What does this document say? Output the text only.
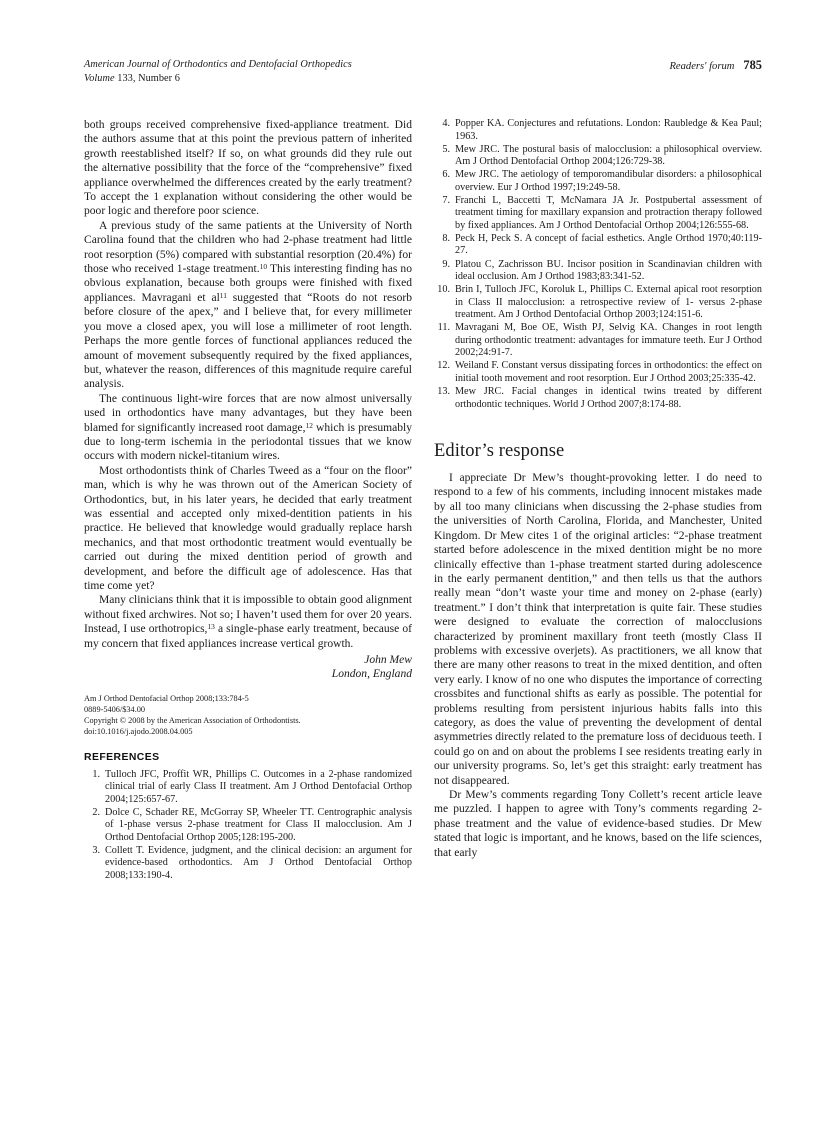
American Journal of Orthodontics and Dentofacial Orthopedics
Volume 133, Number 6
Readers' forum 785

both groups received comprehensive fixed-appliance treatment. Did the authors assume that at this point the previous pattern of inherited growth reestablished itself? If so, on what grounds did they rule out the alternative possibility that the force of the “comprehensive” fixed appliance overwhelmed the differences created by the early treatment? To accept the 1 explanation without considering the other would be poor logic and therefore poor science.

A previous study of the same patients at the University of North Carolina found that the children who had 2-phase treatment had little root resorption (5%) compared with substantial resorption (20.4%) for those who received 1-stage treatment.$^{10}$ This interesting finding has no obvious explanation, because both groups were finished with fixed appliances. Mavragani et $al^{11}$ suggested that “Roots do not resorb before closure of the apex,” and I believe that, for every millimeter you move a closed apex, you will lose a millimeter of root length. Perhaps the more gentle forces of functional appliances reduced the amount of movement subsequently required by the fixed appliances, but, whatever the reason, differences of this magnitude require careful analysis.

The continuous light-wire forces that are now almost universally used in orthodontics have many advantages, but they have been blamed for significantly increased root damage,$^{12}$ which is presumably due to long-term ischemia in the periodontal tissues that we know occurs with modern nickel-titanium wires.

Most orthodontists think of Charles Tweed as a “four on the floor” man, which is why he was thrown out of the American Society of Orthodontics, but, in his later years, he decided that early treatment was essential and accepted only mixed-dentition patients in his practice. He believed that knowledge would gradually replace harsh mechanics, and that most orthodontic treatment would eventually be carried out during the mixed dentition period of growth and development, and before the difficult age of adolescence. Has that time come yet?

Many clinicians think that it is impossible to obtain good alignment without fixed archwires. Not so; I haven’t used them for over 20 years. Instead, I use orthotropics,$^{13}$ a single-phase early treatment, because of my concern that fixed appliances increase vertical growth.

John Mew
London, England
Am J Orthod Dentofacial Orthop 2008;133:784-5
0889-5406/$34.00
Copyright © 2008 by the American Association of Orthodontists.
doi:10.1016/j.ajodo.2008.04.005
REFERENCES
1. Tulloch JFC, Proffit WR, Phillips C. Outcomes in a 2-phase randomized clinical trial of early Class II treatment. Am J Orthod Dentofacial Orthop 2004;125:657-67.
2. Dolce C, Schader RE, McGorray SP, Wheeler TT. Centrographic analysis of 1-phase versus 2-phase treatment for Class II malocclusion. Am J Orthod Dentofacial Orthop 2005;128:195-200.
3. Collett T. Evidence, judgment, and the clinical decision: an argument for evidence-based orthodontics. Am J Orthod Dentofacial Orthop 2008;133:190-4.
4. Popper KA. Conjectures and refutations. London: Raubledge & Kea Paul; 1963.
5. Mew JRC. The postural basis of malocclusion: a philosophical overview. Am J Orthod Dentofacial Orthop 2004;126:729-38.
6. Mew JRC. The aetiology of temporomandibular disorders: a philosophical overview. Eur J Orthod 1997;19:249-58.
7. Franchi L, Baccetti T, McNamara JA Jr. Postpubertal assessment of treatment timing for maxillary expansion and protraction therapy followed by fixed appliances. Am J Orthod Dentofacial Orthop 2004;126:555-68.
8. Peck H, Peck S. A concept of facial esthetics. Angle Orthod 1970;40:119-27.
9. Platou C, Zachrisson BU. Incisor position in Scandinavian children with ideal occlusion. Am J Orthod 1983;83:341-52.
10. Brin I, Tulloch JFC, Koroluk L, Phillips C. External apical root resorption in Class II malocclusion: a retrospective review of 1- versus 2-phase treatment. Am J Orthod Dentofacial Orthop 2003;124:151-6.
11. Mavragani M, Boe OE, Wisth PJ, Selvig KA. Changes in root length during orthodontic treatment: advantages for immature teeth. Eur J Orthod 2002;24:91-7.
12. Weiland F. Constant versus dissipating forces in orthodontics: the effect on initial tooth movement and root resorption. Eur J Orthod 2003;25:335-42.
13. Mew JRC. Facial changes in identical twins treated by different orthodontic techniques. World J Orthod 2007;8:174-88.
Editor’s response

I appreciate Dr Mew’s thought-provoking letter. I do need to respond to a few of his comments, including innocent mistakes made by all too many clinicians when discussing the 2-phase studies from the universities of North Carolina, Florida, and Manchester, United Kingdom. Dr Mew cites 1 of the original articles: “2-phase treatment started before adolescence in the mixed dentition might be no more clinically effective than 1-phase treatment started during adolescence in the early permanent dentition,” and then tells us that the authors really mean “don’t waste your time and money on 2-phase (early) treatment.” I don’t think that interpretation is quite fair. These studies were designed to evaluate the correction of malocclusions characterized by prominent maxillary front teeth (mostly Class II problems with excessive overjets). As practitioners, we all know that there are many other reasons to treat in the mixed dentition, and often very early. I know of no one who disputes the importance of correcting crossbites and functional shifts as early as possible. The potential for problems resulting from persistent injurious habits falls into this category, as does the value of preventing the development of dental asymmetries directly related to the premature loss of deciduous teeth. I could go on and on about the problems I see residents treating early in our university programs. So, let’s get this straight: early treatment has not disappeared.

Dr Mew’s comments regarding Tony Collett’s recent article leave me puzzled. I happen to agree with Tony’s comments regarding 2-phase treatment and the value of evidence-based studies. Dr Mew stated that logic is important, and he knows, based on the life sciences, that early
